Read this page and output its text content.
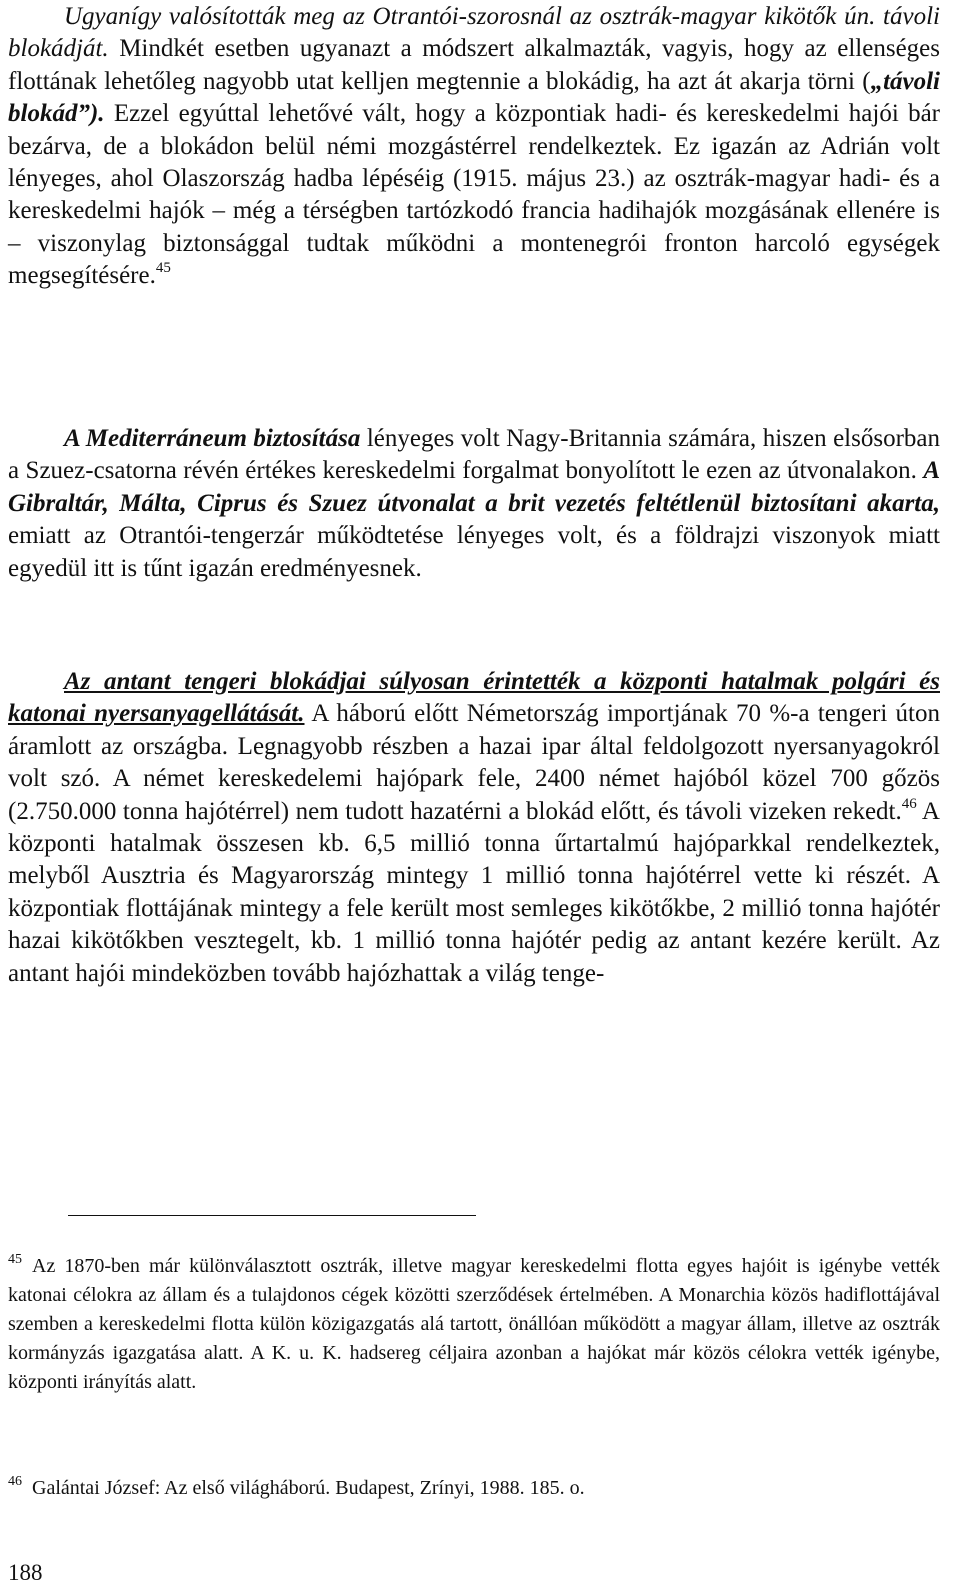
Ugyanígy valósították meg az Otrantói-szorosnál az osztrák-magyar kikötők ún. távoli blokádját. Mindkét esetben ugyanazt a módszert alkalmazták, vagyis, hogy az ellenséges flottának lehetőleg nagyobb utat kelljen megtennie a blokádig, ha azt át akarja törni („távoli blokád”). Ezzel egyúttal lehetővé vált, hogy a központiak hadi- és kereskedelmi hajói bár bezárva, de a blokádon belül némi mozgástérrel rendelkeztek. Ez igazán az Adrián volt lényeges, ahol Olaszország hadba lépéséig (1915. május 23.) az osztrák-magyar hadi- és a kereskedelmi hajók – még a térségben tartózkodó francia hadihajók mozgásának ellenére is – viszonylag biztonsággal tudtak működni a montenegrói fronton harcoló egységek megsegítésére.$^{45}$

A Mediterráneum biztosítása lényeges volt Nagy-Britannia számára, hiszen elsősorban a Szuez-csatorna révén értékes kereskedelmi forgalmat bonyolított le ezen az útvonalakon. A Gibraltár, Málta, Ciprus és Szuez útvonalat a brit vezetés feltétlenül biztosítani akarta, emiatt az Otrantói-tengerzár működtetése lényeges volt, és a földrajzi viszonyok miatt egyedül itt is tűnt igazán eredményesnek.

Az antant tengeri blokádjai súlyosan érintették a központi hatalmak polgári és katonai nyersanyagellátását. A háború előtt Németország importjának 70 %-a tengeri úton áramlott az országba. Legnagyobb részben a hazai ipar által feldolgozott nyersanyagokról volt szó. A német kereskedelemi hajópark fele, 2400 német hajóból közel 700 gőzös (2.750.000 tonna hajótérrel) nem tudott hazatérni a blokád előtt, és távoli vizeken rekedt.$^{46}$ A központi hatalmak összesen kb. 6,5 millió tonna űrtartalmú hajóparkkal rendelkeztek, melyből Ausztria és Magyarország mintegy 1 millió tonna hajótérrel vette ki részét. A központiak flottájának mintegy a fele került most semleges kikötőkbe, 2 millió tonna hajótér hazai kikötőkben vesztegelt, kb. 1 millió tonna hajótér pedig az antant kezére került. Az antant hajói mindeközben tovább hajózhattak a világ tenge-

$^{45}$ Az 1870-ben már különválasztott osztrák, illetve magyar kereskedelmi flotta egyes hajóit is igénybe vették katonai célokra az állam és a tulajdonos cégek közötti szerződések értelmében. A Monarchia közös hadiflottájával szemben a kereskedelmi flotta külön közigazgatás alá tartott, önállóan működött a magyar állam, illetve az osztrák kormányzás igazgatása alatt. A K. u. K. hadsereg céljaira azonban a hajókat már közös célokra vették igénybe, központi irányítás alatt.

$^{46}$ Galántai József: Az első világháború. Budapest, Zrínyi, 1988. 185. o.

188
